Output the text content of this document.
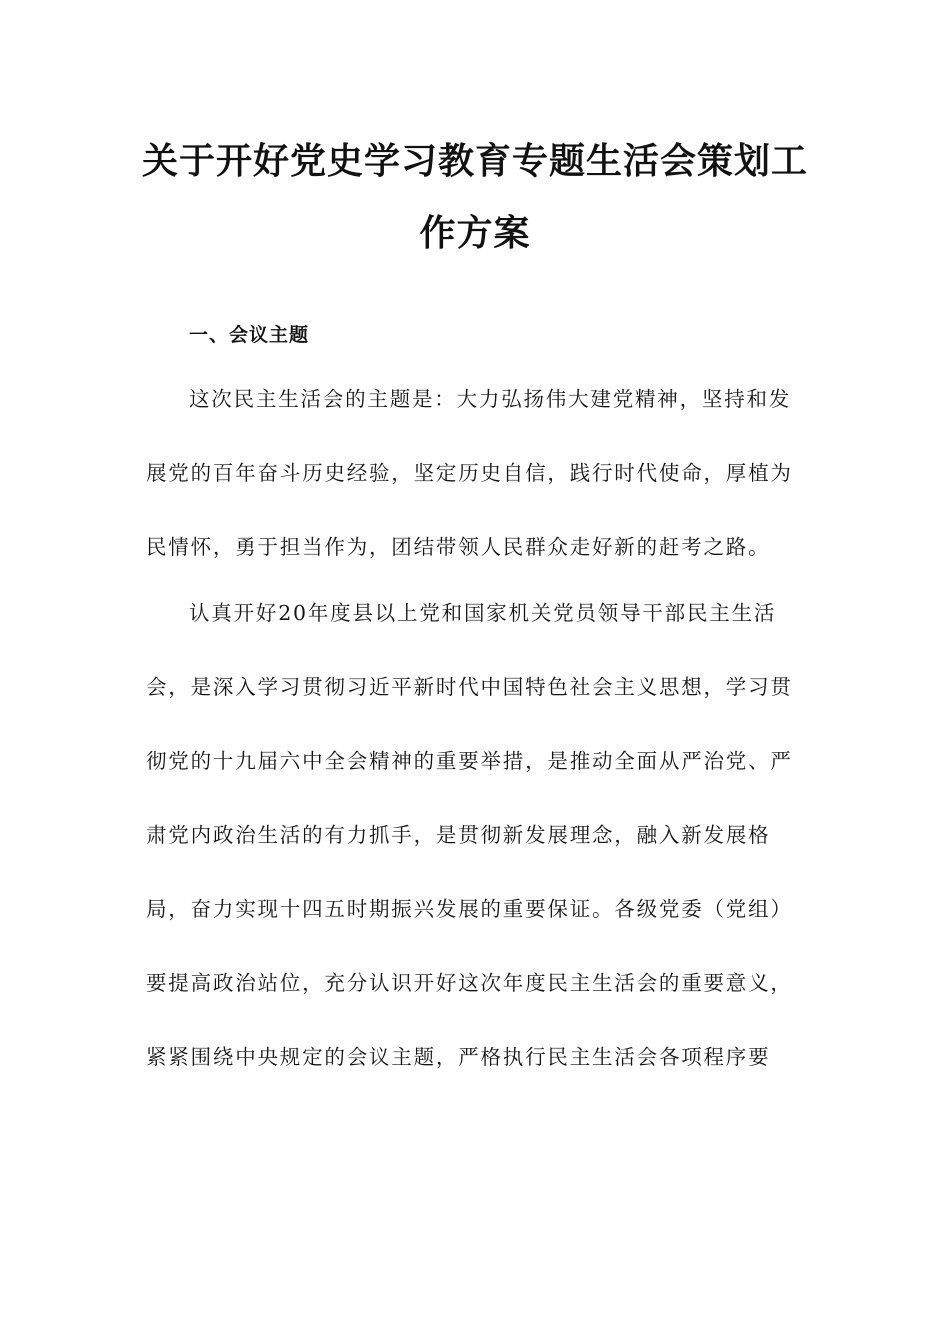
关于开好党史学习教育专题生活会策划工
作方案
一、会议主题
这次民主生活会的主题是：大力弘扬伟大建党精神，坚持和发
展党的百年奋斗历史经验，坚定历史自信，践行时代使命，厚植为
民情怀，勇于担当作为，团结带领人民群众走好新的赶考之路。
认真开好20年度县以上党和国家机关党员领导干部民主生活
会，是深入学习贯彻习近平新时代中国特色社会主义思想，学习贯
彻党的十九届六中全会精神的重要举措，是推动全面从严治党、严
肃党内政治生活的有力抓手，是贯彻新发展理念，融入新发展格
局，奋力实现十四五时期振兴发展的重要保证。各级党委（党组）
要提高政治站位，充分认识开好这次年度民主生活会的重要意义，
紧紧围绕中央规定的会议主题，严格执行民主生活会各项程序要
